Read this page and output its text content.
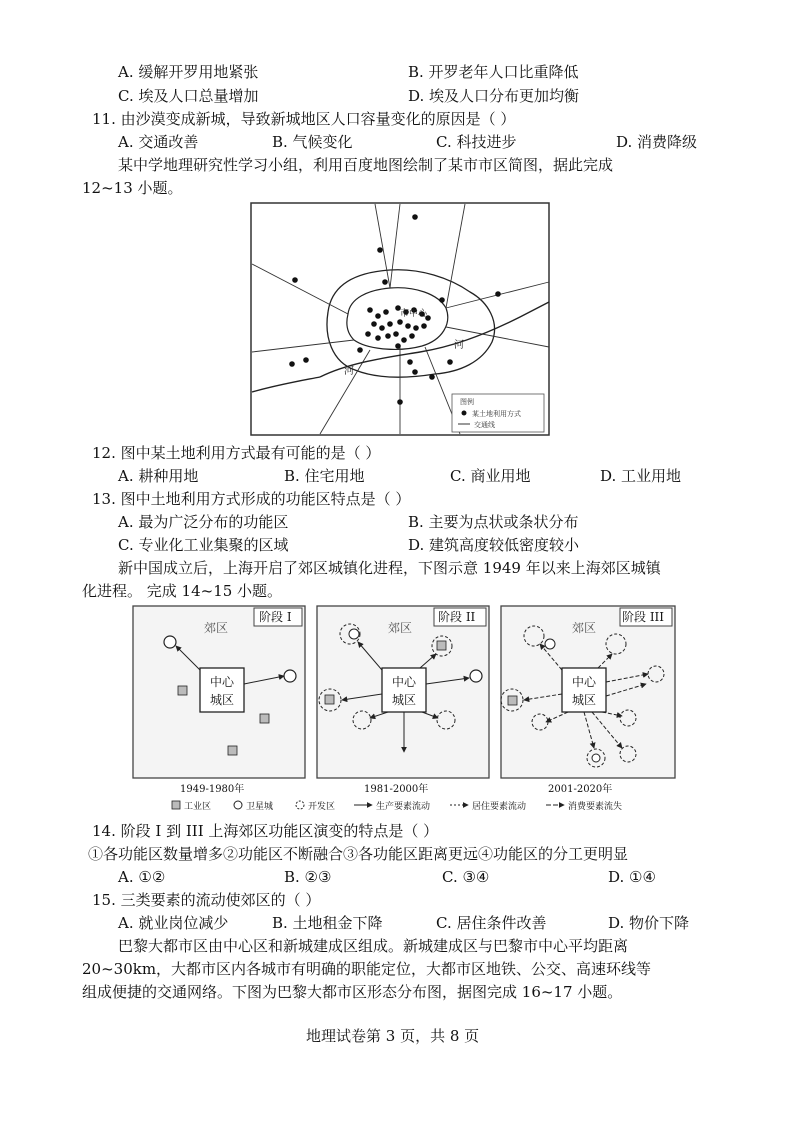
A. 缓解开罗用地紧张	B. 开罗老年人口比重降低
C. 埃及人口总量增加	D. 埃及人口分布更加均衡
11. 由沙漠变成新城，导致新城地区人口容量变化的原因是（ ）
A. 交通改善	B. 气候变化	C. 科技进步	D. 消费降级
某中学地理研究性学习小组，利用百度地图绘制了某市市区简图，据此完成
12~13 小题。
市中心
河
河
图例
某土地利用方式
交通线
12. 图中某土地利用方式最有可能的是（ ）
A. 耕种用地	B. 住宅用地	C. 商业用地	D. 工业用地
13. 图中土地利用方式形成的功能区特点是（ ）
A. 最为广泛分布的功能区	B. 主要为点状或条状分布
C. 专业化工业集聚的区域	D. 建筑高度较低密度较小
新中国成立后，上海开启了郊区城镇化进程，下图示意 1949 年以来上海郊区城镇
化进程。 完成 14~15 小题。
阶段 I
郊区
中心
城区
1949-1980年
阶段 II
郊区
中心
城区
1981-2000年
阶段 III
郊区
中心
城区
2001-2020年
工业区	卫星城	开发区	生产要素流动	居住要素流动	消费要素流失
14. 阶段 I 到 III 上海郊区功能区演变的特点是（ ）
①各功能区数量增多②功能区不断融合③各功能区距离更远④功能区的分工更明显
A. ①②	B. ②③	C. ③④	D. ①④
15. 三类要素的流动使郊区的（ ）
A. 就业岗位减少	B. 土地租金下降	C. 居住条件改善	D. 物价下降
巴黎大都市区由中心区和新城建成区组成。新城建成区与巴黎市中心平均距离
20~30km，大都市区内各城市有明确的职能定位，大都市区地铁、公交、高速环线等
组成便捷的交通网络。下图为巴黎大都市区形态分布图，据图完成 16~17 小题。
地理试卷第 3 页，共 8 页
